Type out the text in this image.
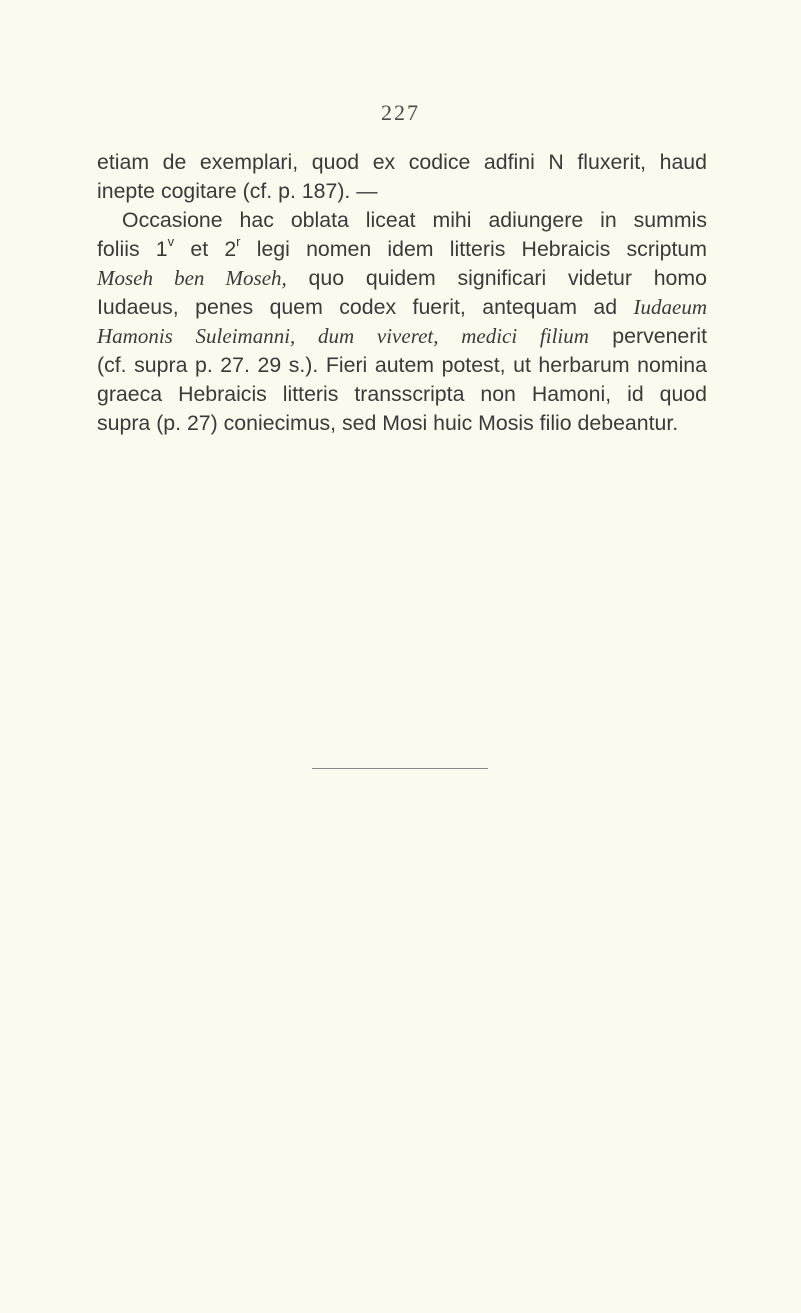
227
etiam de exemplari, quod ex codice adfini N fluxerit, haud
inepte cogitare (cf. p. 187). —
Occasione hac oblata liceat mihi adiungere in summis
foliis 1$^v$ et 2$^r$ legi nomen idem litteris Hebraicis scriptum
Moseh ben Moseh, quo quidem significari videtur homo
Iudaeus, penes quem codex fuerit, antequam ad Iudaeum
Hamonis Suleimanni, dum viveret, medici filium pervenerit
(cf. supra p. 27. 29 s.). Fieri autem potest, ut herbarum nomina
graeca Hebraicis litteris transscripta non Hamoni, id quod
supra (p. 27) coniecimus, sed Mosi huic Mosis filio debeantur.
